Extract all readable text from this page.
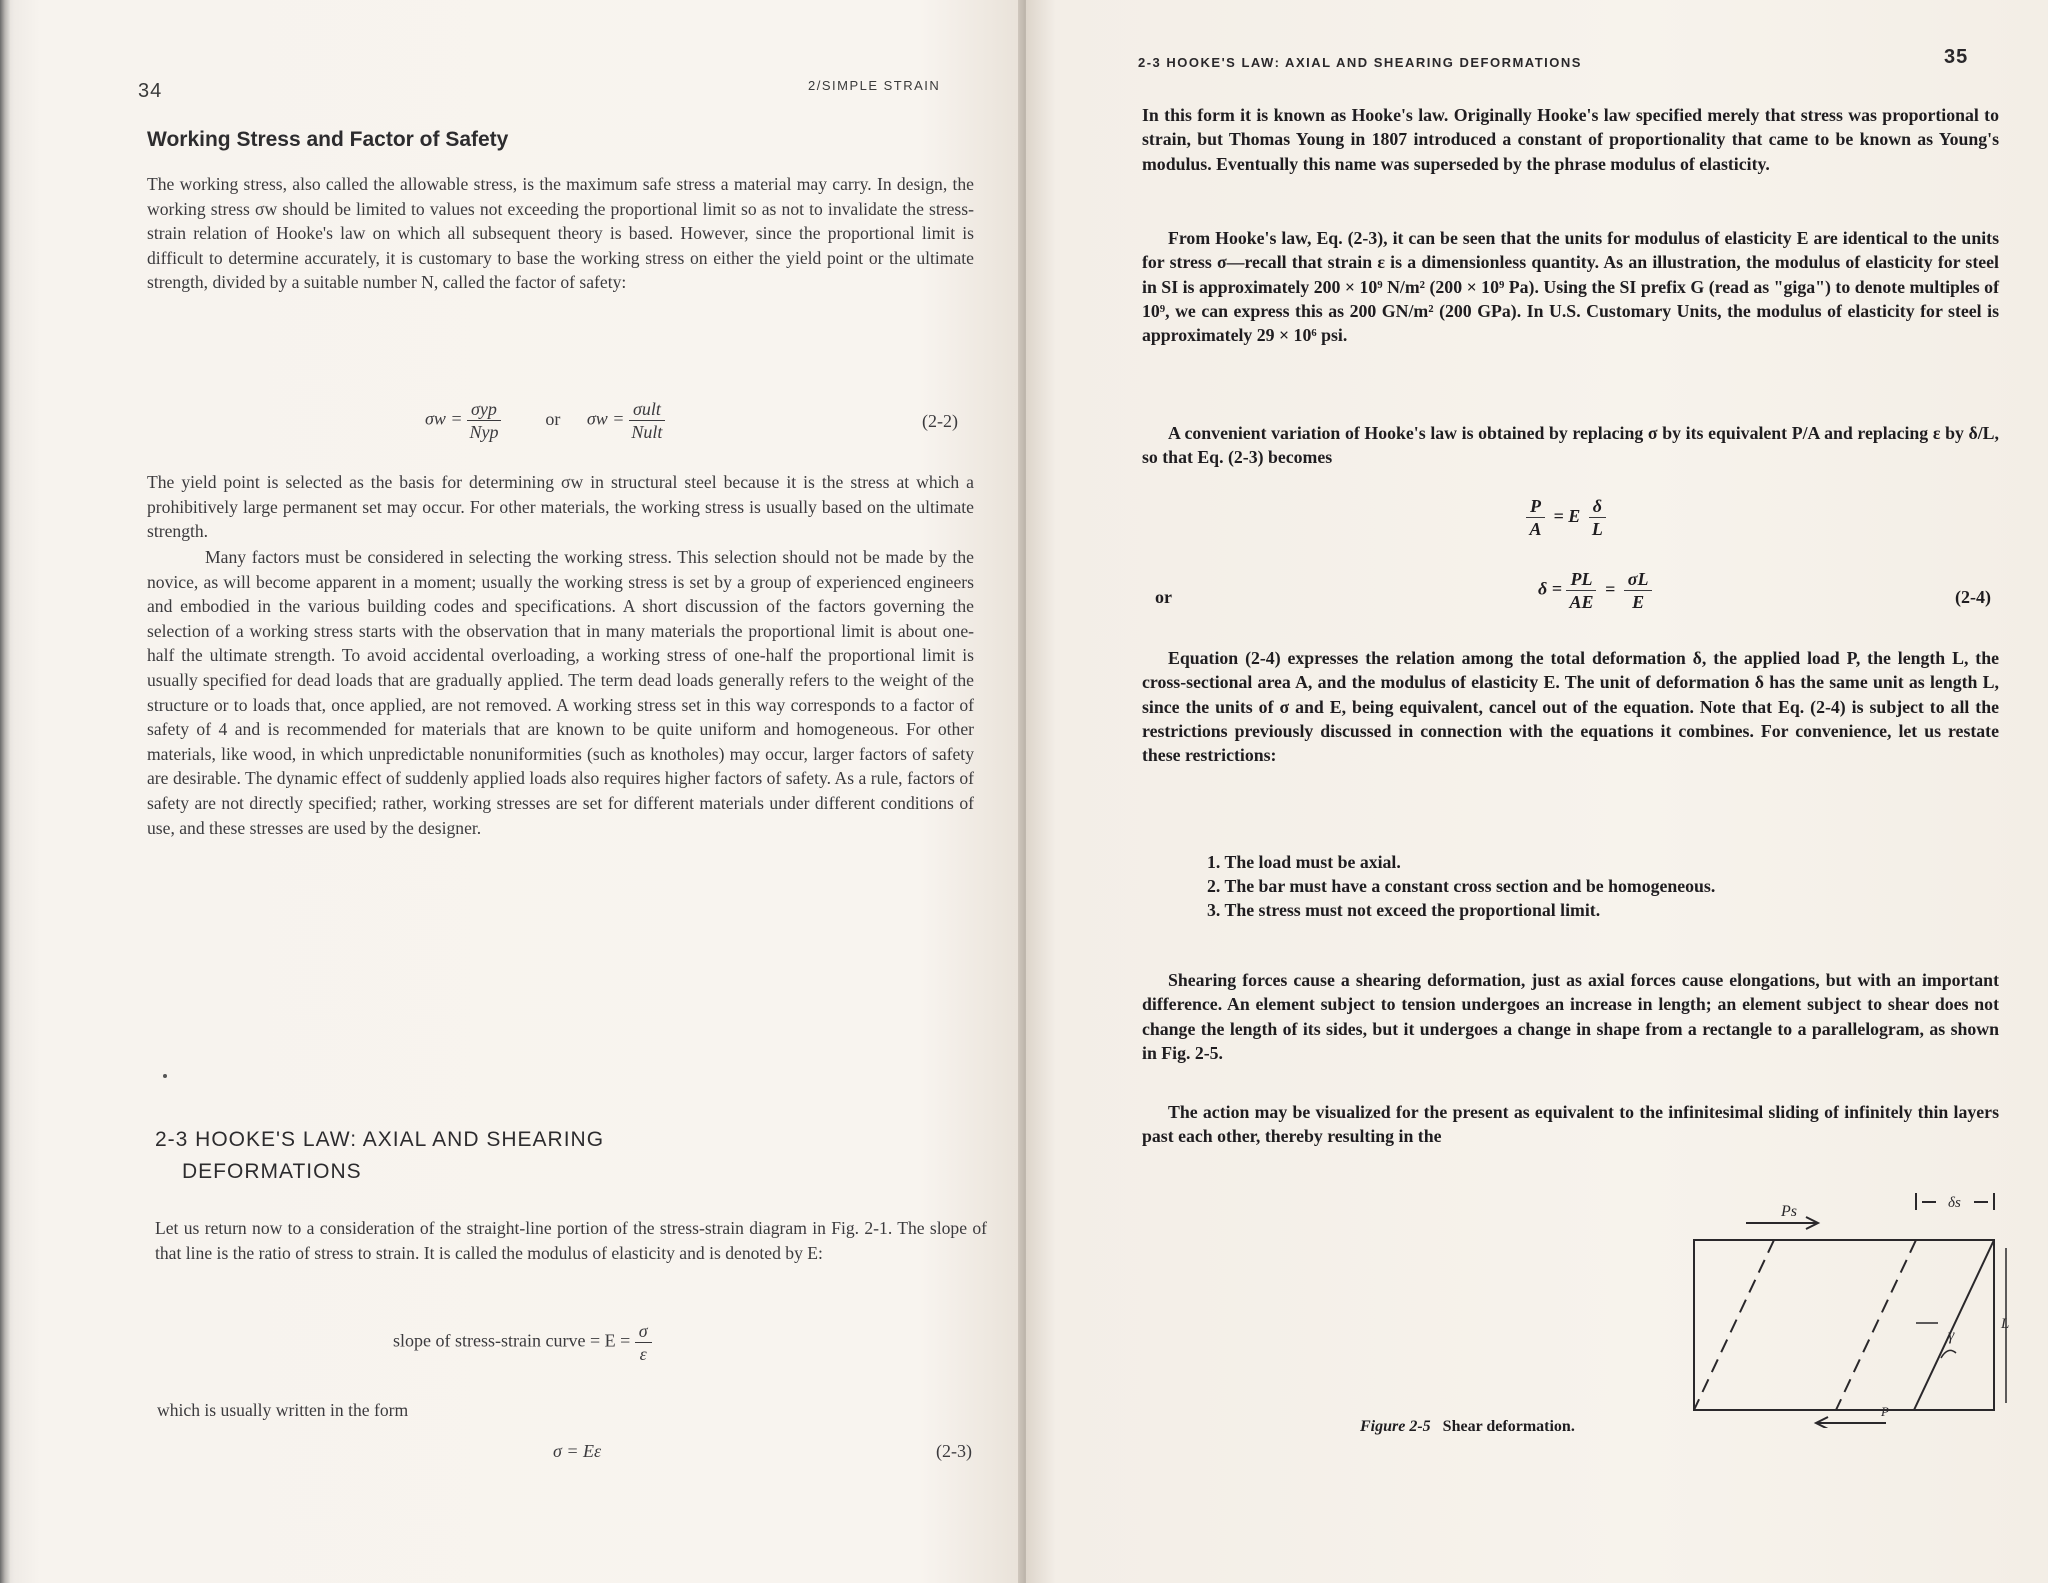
34	2/SIMPLE STRAIN
Working Stress and Factor of Safety
The working stress, also called the allowable stress, is the maximum safe stress a material may carry. In design, the working stress σw should be limited to values not exceeding the proportional limit so as not to invalidate the stress-strain relation of Hooke's law on which all subsequent theory is based. However, since the proportional limit is difficult to determine accurately, it is customary to base the working stress on either the yield point or the ultimate strength, divided by a suitable number N, called the factor of safety:
$\sigma w = \frac{\text{σyp}}{\text{Nyp}}$ or $\sigma w = \frac{\text{σult}}{\text{Nult}}$	(2-2)
The yield point is selected as the basis for determining σw in structural steel because it is the stress at which a prohibitively large permanent set may occur. For other materials, the working stress is usually based on the ultimate strength.
Many factors must be considered in selecting the working stress. This selection should not be made by the novice, as will become apparent in a moment; usually the working stress is set by a group of experienced engineers and embodied in the various building codes and specifications. A short discussion of the factors governing the selection of a working stress starts with the observation that in many materials the proportional limit is about one-half the ultimate strength. To avoid accidental overloading, a working stress of one-half the proportional limit is usually specified for dead loads that are gradually applied. The term dead loads generally refers to the weight of the structure or to loads that, once applied, are not removed. A working stress set in this way corresponds to a factor of safety of 4 and is recommended for materials that are known to be quite uniform and homogeneous. For other materials, like wood, in which unpredictable nonuniformities (such as knotholes) may occur, larger factors of safety are desirable. The dynamic effect of suddenly applied loads also requires higher factors of safety. As a rule, factors of safety are not directly specified; rather, working stresses are set for different materials under different conditions of use, and these stresses are used by the designer.
2-3 HOOKE'S LAW: AXIAL AND SHEARING
DEFORMATIONS
Let us return now to a consideration of the straight-line portion of the stress-strain diagram in Fig. 2-1. The slope of that line is the ratio of stress to strain. It is called the modulus of elasticity and is denoted by E:
slope of stress-strain curve = $E = \frac{\sigma}{\varepsilon}$
which is usually written in the form
σ = Eε	(2-3)
2-3 HOOKE'S LAW: AXIAL AND SHEARING DEFORMATIONS	35
In this form it is known as Hooke's law. Originally Hooke's law specified merely that stress was proportional to strain, but Thomas Young in 1807 introduced a constant of proportionality that came to be known as Young's modulus. Eventually this name was superseded by the phrase modulus of elasticity.
From Hooke's law, Eq. (2-3), it can be seen that the units for modulus of elasticity E are identical to the units for stress σ—recall that strain ε is a dimensionless quantity. As an illustration, the modulus of elasticity for steel in SI is approximately 200 × 10⁹ N/m² (200 × 10⁹ Pa). Using the SI prefix G (read as "giga") to denote multiples of 10⁹, we can express this as 200 GN/m² (200 GPa). In U.S. Customary Units, the modulus of elasticity for steel is approximately 29 × 10⁶ psi.
A convenient variation of Hooke's law is obtained by replacing σ by its equivalent P/A and replacing ε by δ/L, so that Eq. (2-3) becomes
$\frac{P}{A} = E \frac{\delta}{L}$
or	$\delta = \frac{PL}{AE} = \frac{\sigma L}{E}$	(2-4)
Equation (2-4) expresses the relation among the total deformation δ, the applied load P, the length L, the cross-sectional area A, and the modulus of elasticity E. The unit of deformation δ has the same unit as length L, since the units of σ and E, being equivalent, cancel out of the equation. Note that Eq. (2-4) is subject to all the restrictions previously discussed in connection with the equations it combines. For convenience, let us restate these restrictions:
1. The load must be axial.
2. The bar must have a constant cross section and be homogeneous.
3. The stress must not exceed the proportional limit.
Shearing forces cause a shearing deformation, just as axial forces cause elongations, but with an important difference. An element subject to tension undergoes an increase in length; an element subject to shear does not change the length of its sides, but it undergoes a change in shape from a rectangle to a parallelogram, as shown in Fig. 2-5.
The action may be visualized for the present as equivalent to the infinitesimal sliding of infinitely thin layers past each other, thereby resulting in the
Ps	δs
γ
L
P
Figure 2-5 Shear deformation.
